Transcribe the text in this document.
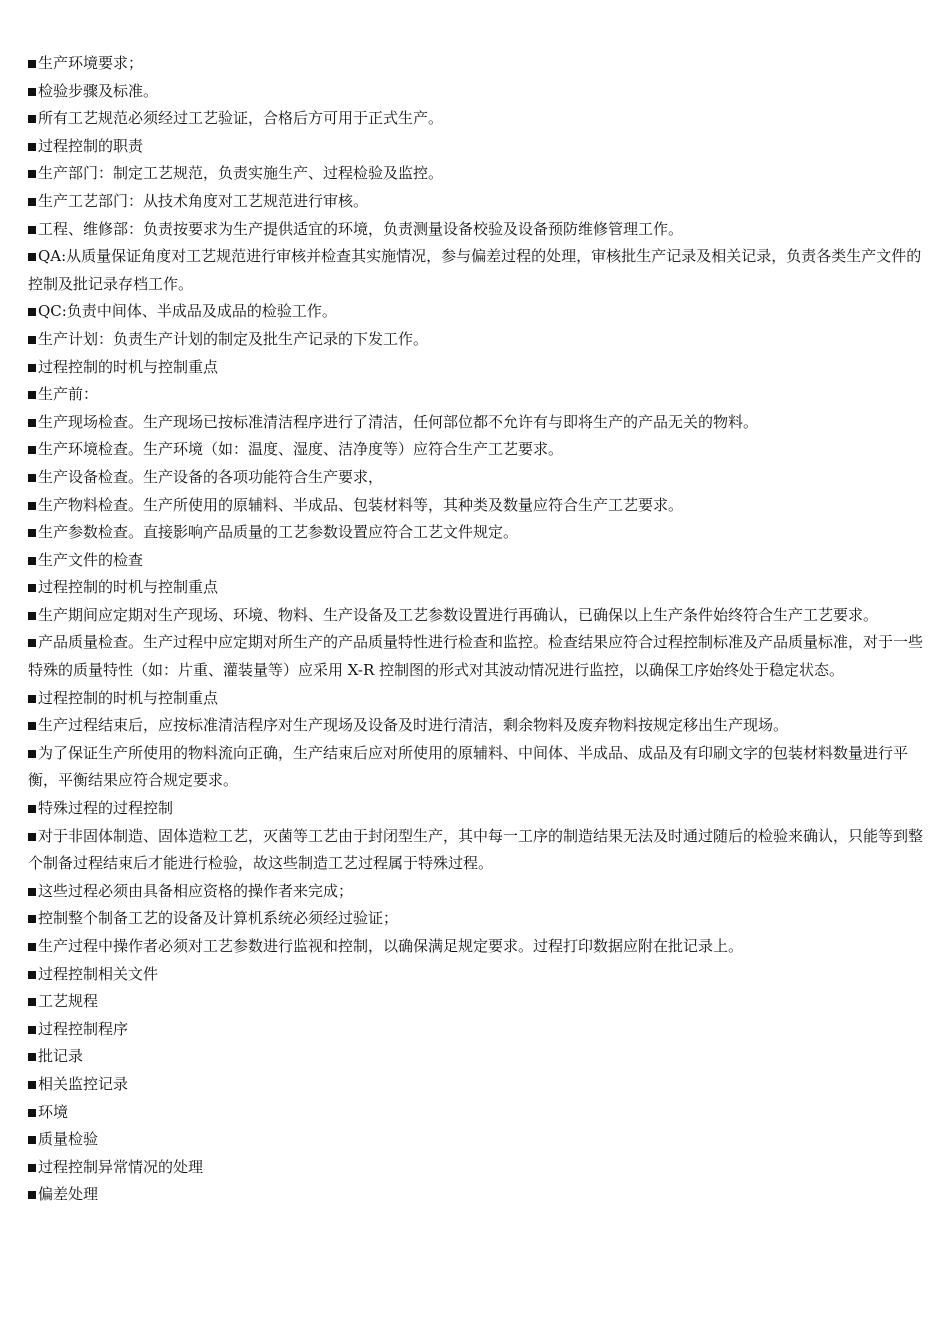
生产环境要求；

检验步骤及标准。

所有工艺规范必须经过工艺验证，合格后方可用于正式生产。

过程控制的职责

生产部门：制定工艺规范，负责实施生产、过程检验及监控。

生产工艺部门：从技术角度对工艺规范进行审核。

工程、维修部：负责按要求为生产提供适宜的环境，负责测量设备校验及设备预防维修管理工作。

QA:从质量保证角度对工艺规范进行审核并检查其实施情况，参与偏差过程的处理，审核批生产记录及相关记录，负责各类生产文件的控制及批记录存档工作。

QC:负责中间体、半成品及成品的检验工作。

生产计划：负责生产计划的制定及批生产记录的下发工作。

过程控制的时机与控制重点

生产前：

生产现场检查。生产现场已按标准清洁程序进行了清洁，任何部位都不允许有与即将生产的产品无关的物料。

生产环境检查。生产环境（如：温度、湿度、洁净度等）应符合生产工艺要求。

生产设备检查。生产设备的各项功能符合生产要求，

生产物料检查。生产所使用的原辅料、半成品、包装材料等，其种类及数量应符合生产工艺要求。

生产参数检查。直接影响产品质量的工艺参数设置应符合工艺文件规定。

生产文件的检查

过程控制的时机与控制重点

生产期间应定期对生产现场、环境、物料、生产设备及工艺参数设置进行再确认，已确保以上生产条件始终符合生产工艺要求。

产品质量检查。生产过程中应定期对所生产的产品质量特性进行检查和监控。检查结果应符合过程控制标准及产品质量标准，对于一些特殊的质量特性（如：片重、灌装量等）应采用 X-R 控制图的形式对其波动情况进行监控，以确保工序始终处于稳定状态。

过程控制的时机与控制重点

生产过程结束后，应按标准清洁程序对生产现场及设备及时进行清洁，剩余物料及废弃物料按规定移出生产现场。

为了保证生产所使用的物料流向正确，生产结束后应对所使用的原辅料、中间体、半成品、成品及有印刷文字的包装材料数量进行平衡，平衡结果应符合规定要求。

特殊过程的过程控制

对于非固体制造、固体造粒工艺，灭菌等工艺由于封闭型生产，其中每一工序的制造结果无法及时通过随后的检验来确认，只能等到整个制备过程结束后才能进行检验，故这些制造工艺过程属于特殊过程。

这些过程必须由具备相应资格的操作者来完成；

控制整个制备工艺的设备及计算机系统必须经过验证；

生产过程中操作者必须对工艺参数进行监视和控制，以确保满足规定要求。过程打印数据应附在批记录上。

过程控制相关文件

工艺规程

过程控制程序

批记录

相关监控记录

环境

质量检验

过程控制异常情况的处理

偏差处理
